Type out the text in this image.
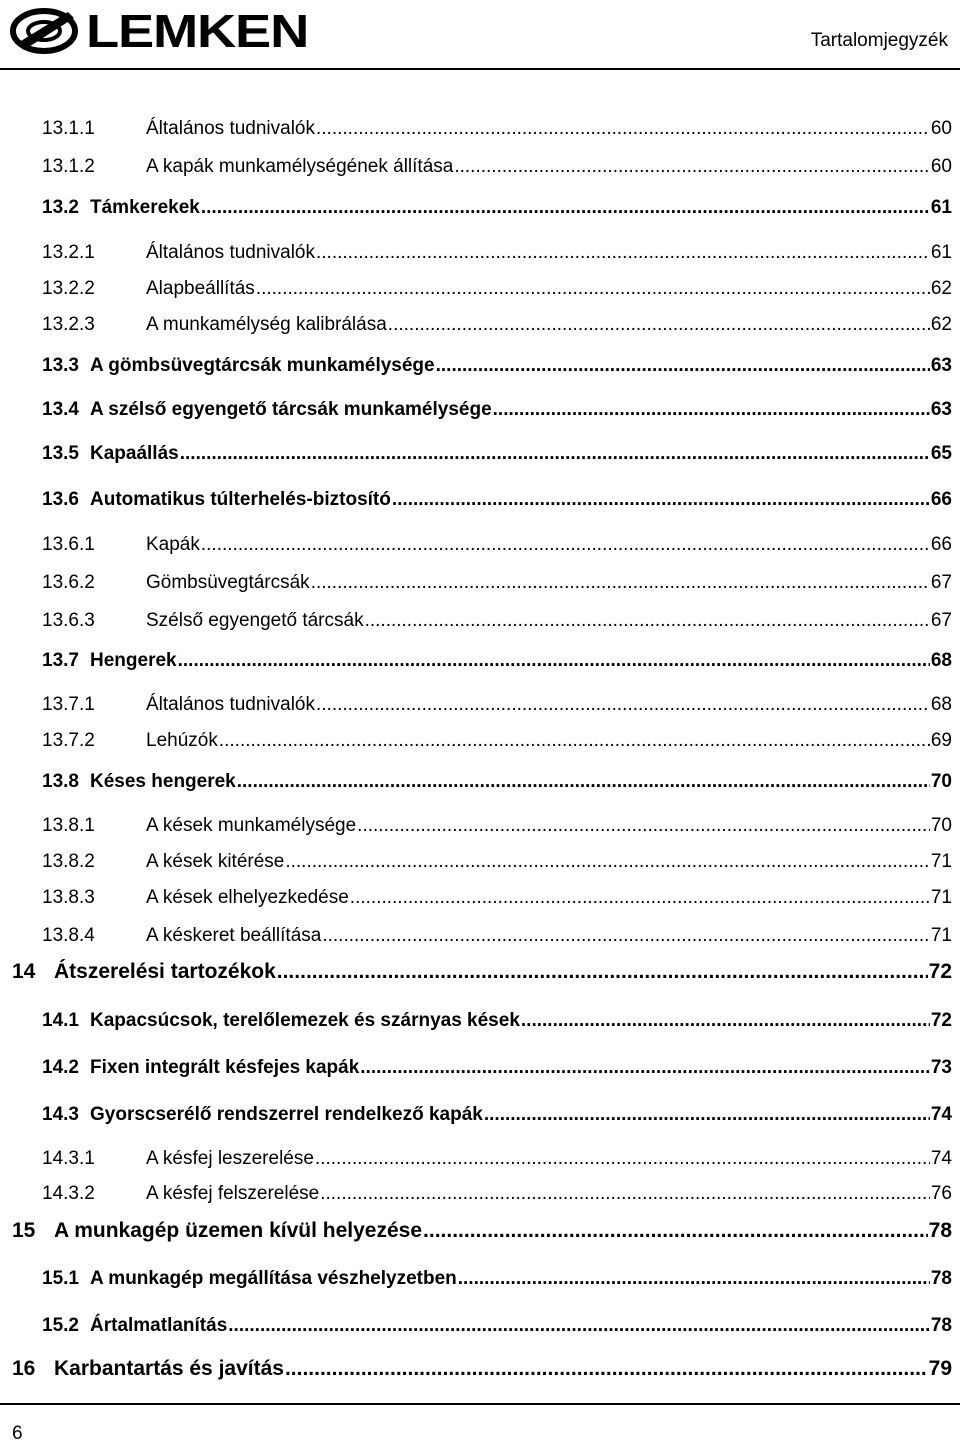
LEMKEN	Tartalomjegyzék
13.1.1	Általános tudnivalók .....	60
13.1.2	A kapák munkamélységének állítása .....	60
13.2 Támkerekek .....	61
13.2.1	Általános tudnivalók .....	61
13.2.2	Alapbeállítás .....	62
13.2.3	A munkamélység kalibrálása .....	62
13.3 A gömbsüvegtárcsák munkamélysége .....	63
13.4 A szélső egyengető tárcsák munkamélysége .....	63
13.5 Kapaállás .....	65
13.6 Automatikus túlterhelés-biztosító .....	66
13.6.1	Kapák .....	66
13.6.2	Gömbsüvegtárcsák .....	67
13.6.3	Szélső egyengető tárcsák .....	67
13.7 Hengerek .....	68
13.7.1	Általános tudnivalók .....	68
13.7.2	Lehúzók .....	69
13.8 Késes hengerek .....	70
13.8.1	A kések munkamélysége .....	70
13.8.2	A kések kitérése .....	71
13.8.3	A kések elhelyezkedése .....	71
13.8.4	A késkeret beállítása .....	71
14 Átszerelési tartozékok .....	72
14.1 Kapacsúcsok, terelőlemezek és szárnyas kések .....	72
14.2 Fixen integrált késfejes kapák .....	73
14.3 Gyorscserélő rendszerrel rendelkező kapák .....	74
14.3.1	A késfej leszerelése .....	74
14.3.2	A késfej felszerelése .....	76
15 A munkagép üzemen kívül helyezése .....	78
15.1 A munkagép megállítása vészhelyzetben .....	78
15.2 Ártalmatlanítás .....	78
16 Karbantartás és javítás .....	79
6
